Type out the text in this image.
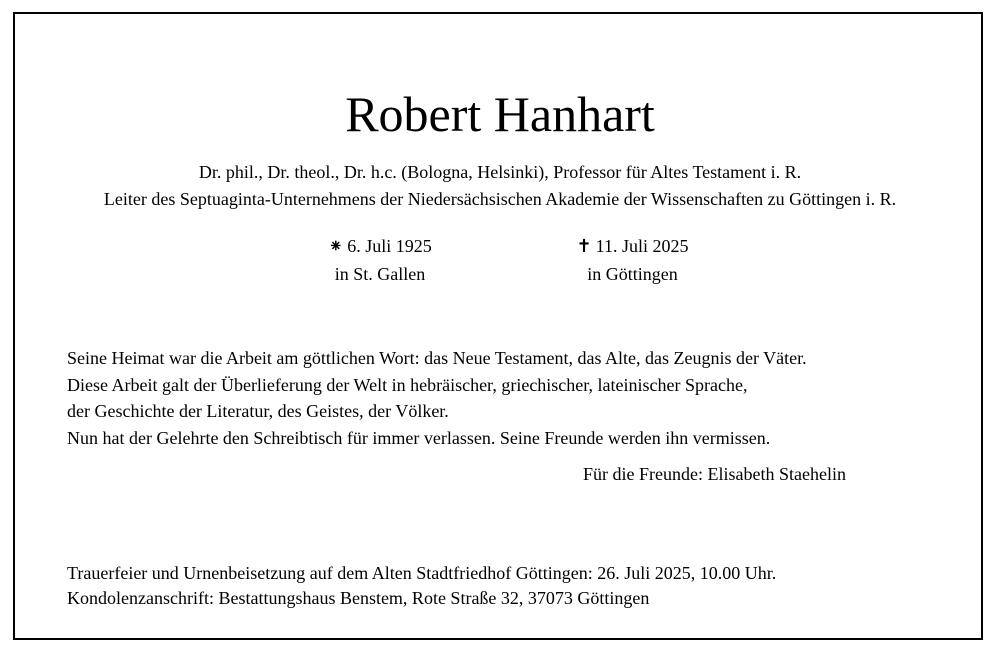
Robert Hanhart
Dr. phil., Dr. theol., Dr. h.c. (Bologna, Helsinki), Professor für Altes Testament i. R.
Leiter des Septuaginta-Unternehmens der Niedersächsischen Akademie der Wissenschaften zu Göttingen i. R.
⁕ 6. Juli 1925
in St. Gallen
✝ 11. Juli 2025
in Göttingen
Seine Heimat war die Arbeit am göttlichen Wort: das Neue Testament, das Alte, das Zeugnis der Väter.
Diese Arbeit galt der Überlieferung der Welt in hebräischer, griechischer, lateinischer Sprache,
der Geschichte der Literatur, des Geistes, der Völker.
Nun hat der Gelehrte den Schreibtisch für immer verlassen. Seine Freunde werden ihn vermissen.
Für die Freunde: Elisabeth Staehelin
Trauerfeier und Urnenbeisetzung auf dem Alten Stadtfriedhof Göttingen: 26. Juli 2025, 10.00 Uhr.
Kondolenzanschrift: Bestattungshaus Benstem, Rote Straße 32, 37073 Göttingen
